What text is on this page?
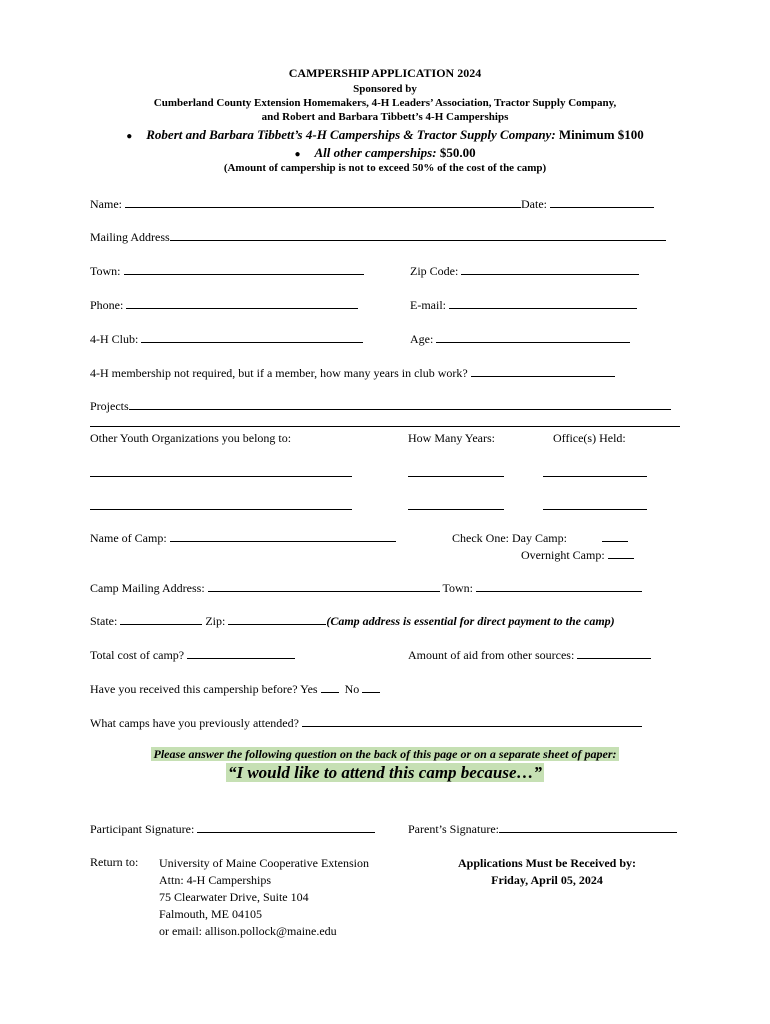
CAMPERSHIP APPLICATION 2024
Sponsored by
Cumberland County Extension Homemakers, 4-H Leaders’ Association, Tractor Supply Company,
and Robert and Barbara Tibbett’s 4-H Camperships
● Robert and Barbara Tibbett’s 4-H Camperships & Tractor Supply Company: Minimum $100
● All other camperships: $50.00
(Amount of campership is not to exceed 50% of the cost of the camp)
Name:	Date:
Mailing Address
Town:	Zip Code:
Phone:	E-mail:
4-H Club:	Age:
4-H membership not required, but if a member, how many years in club work?
Projects
Other Youth Organizations you belong to:	How Many Years:	Office(s) Held:
Name of Camp:	Check One: Day Camp:
Overnight Camp:
Camp Mailing Address:	Town:
State:	Zip:	(Camp address is essential for direct payment to the camp)
Total cost of camp?	Amount of aid from other sources:
Have you received this campership before? Yes No
What camps have you previously attended?
Please answer the following question on the back of this page or on a separate sheet of paper:
“I would like to attend this camp because…”
Participant Signature:	Parent’s Signature:
Return to: University of Maine Cooperative Extension
Attn: 4-H Camperships
75 Clearwater Drive, Suite 104
Falmouth, ME 04105
or email: allison.pollock@maine.edu
Applications Must be Received by:
Friday, April 05, 2024
